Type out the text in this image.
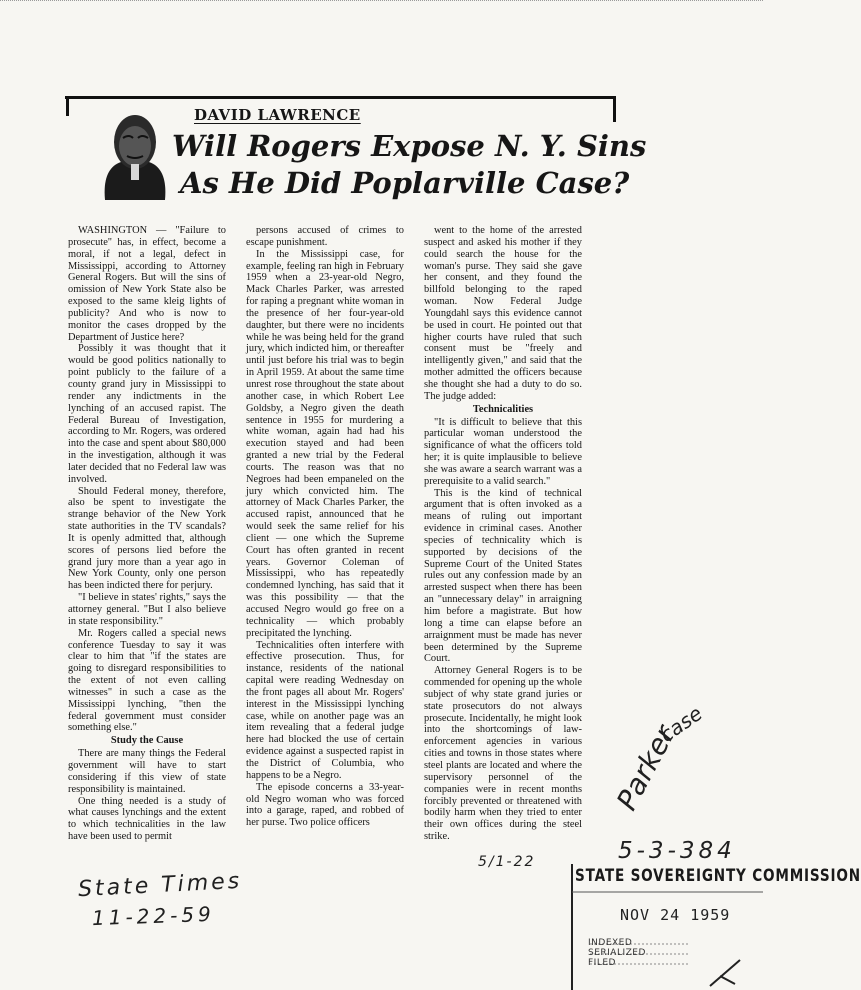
DAVID LAWRENCE
Will Rogers Expose N. Y. Sins
As He Did Poplarville Case?

WASHINGTON — "Failure to prosecute" has, in effect, become a moral, if not a legal, defect in Mississippi, according to Attorney General Rogers. But will the sins of omission of New York State also be exposed to the same kleig lights of publicity? And who is now to monitor the cases dropped by the Department of Justice here?

Possibly it was thought that it would be good politics nationally to point publicly to the failure of a county grand jury in Mississippi to render any indictments in the lynching of an accused rapist. The Federal Bureau of Investigation, according to Mr. Rogers, was ordered into the case and spent about $80,000 in the investigation, although it was later decided that no Federal law was involved.

Should Federal money, therefore, also be spent to investigate the strange behavior of the New York state authorities in the TV scandals? It is openly admitted that, although scores of persons lied before the grand jury more than a year ago in New York County, only one person has been indicted there for perjury.

"I believe in states' rights," says the attorney general. "But I also believe in state responsibility."

Mr. Rogers called a special news conference Tuesday to say it was clear to him that "if the states are going to disregard responsibilities to the extent of not even calling witnesses" in such a case as the Mississippi lynching, "then the federal government must consider something else."

Study the Cause

There are many things the Federal government will have to start considering if this view of state responsibility is maintained.

One thing needed is a study of what causes lynchings and the extent to which technicalities in the law have been used to permit

persons accused of crimes to escape punishment.

In the Mississippi case, for example, feeling ran high in February 1959 when a 23-year-old Negro, Mack Charles Parker, was arrested for raping a pregnant white woman in the presence of her four-year-old daughter, but there were no incidents while he was being held for the grand jury, which indicted him, or thereafter until just before his trial was to begin in April 1959. At about the same time unrest rose throughout the state about another case, in which Robert Lee Goldsby, a Negro given the death sentence in 1955 for murdering a white woman, again had had his execution stayed and had been granted a new trial by the Federal courts. The reason was that no Negroes had been empaneled on the jury which convicted him. The attorney of Mack Charles Parker, the accused rapist, announced that he would seek the same relief for his client — one which the Supreme Court has often granted in recent years. Governor Coleman of Mississippi, who has repeatedly condemned lynching, has said that it was this possibility — that the accused Negro would go free on a technicality — which probably precipitated the lynching.

Technicalities often interfere with effective prosecution. Thus, for instance, residents of the national capital were reading Wednesday on the front pages all about Mr. Rogers' interest in the Mississippi lynching case, while on another page was an item revealing that a federal judge here had blocked the use of certain evidence against a suspected rapist in the District of Columbia, who happens to be a Negro.

The episode concerns a 33-year-old Negro woman who was forced into a garage, raped, and robbed of her purse. Two police officers

went to the home of the arrested suspect and asked his mother if they could search the house for the woman's purse. They said she gave her consent, and they found the billfold belonging to the raped woman. Now Federal Judge Youngdahl says this evidence cannot be used in court. He pointed out that higher courts have ruled that such consent must be "freely and intelligently given," and said that the mother admitted the officers because she thought she had a duty to do so. The judge added:

Technicalities

"It is difficult to believe that this particular woman understood the significance of what the officers told her; it is quite implausible to believe she was aware a search warrant was a prerequisite to a valid search."

This is the kind of technical argument that is often invoked as a means of ruling out important evidence in criminal cases. Another species of technicality which is supported by decisions of the Supreme Court of the United States rules out any confession made by an arrested suspect when there has been an "unnecessary delay" in arraigning him before a magistrate. But how long a time can elapse before an arraignment must be made has never been determined by the Supreme Court.

Attorney General Rogers is to be commended for opening up the whole subject of why state grand juries or state prosecutors do not always prosecute. Incidentally, he might look into the shortcomings of law-enforcement agencies in various cities and towns in those states where steel plants are located and where the supervisory personnel of the companies were in recent months forcibly prevented or threatened with bodily harm when they tried to enter their own offices during the steel strike.

State Times
11-22-59
5/1-22
Parker
case
5-3-384
STATE SOVEREIGNTY COMMISSION
NOV 24 1959
INDEXED
SERIALIZED
FILED
